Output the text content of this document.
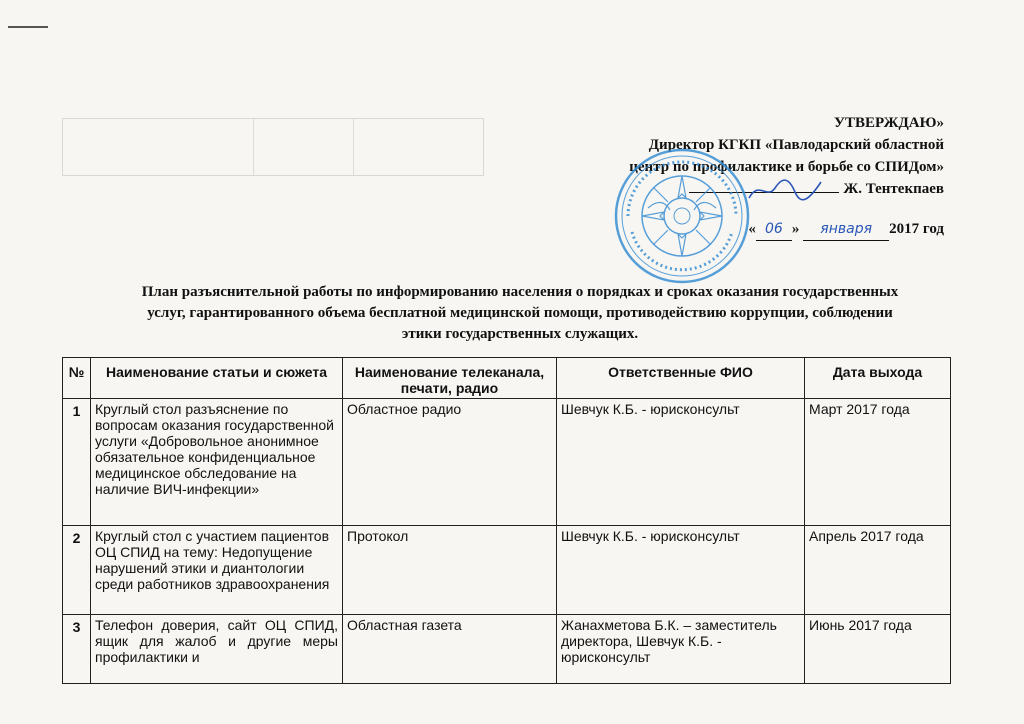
УТВЕРЖДАЮ»
Директор КГКП «Павлодарский областной
центр по профилактике и борьбе со СПИДом»
Ж. Тентекпаев
« 06 » января 2017 год
План разъяснительной работы по информированию населения о порядках и сроках оказания государственных
услуг, гарантированного объема бесплатной медицинской помощи, противодействию коррупции, соблюдении
этики государственных служащих.
№	Наименование статьи и сюжета	Наименование телеканала, печати, радио	Ответственные ФИО	Дата выхода
1	Круглый стол разъяснение по вопросам оказания государственной услуги «Добровольное анонимное обязательное конфиденциальное медицинское обследование на наличие ВИЧ-инфекции»	Областное радио	Шевчук К.Б. - юрисконсульт	Март 2017 года
2	Круглый стол с участием пациентов ОЦ СПИД на тему: Недопущение нарушений этики и диантологии среди работников здравоохранения	Протокол	Шевчук К.Б. - юрисконсульт	Апрель 2017 года
3	Телефон доверия, сайт ОЦ СПИД, ящик для жалоб и другие меры профилактики и	Областная газета	Жанахметова Б.К. – заместитель директора, Шевчук К.Б. - юрисконсульт	Июнь 2017 года
